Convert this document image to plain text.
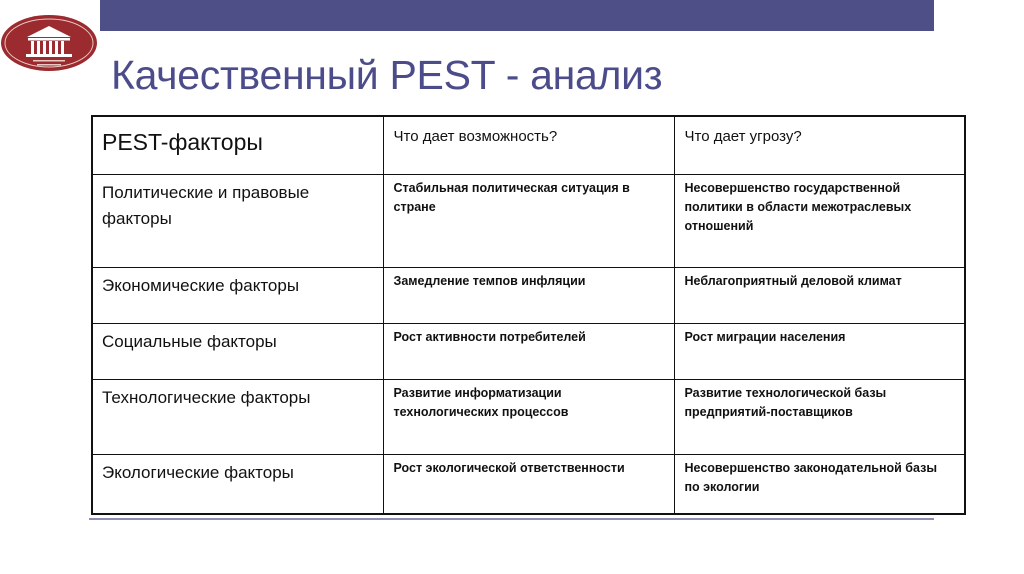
Качественный PEST - анализ
PEST-факторы	Что дает возможность?	Что дает угрозу?
Политические и правовые факторы	Стабильная политическая ситуация в стране	Несовершенство государственной политики в области межотраслевых отношений
Экономические факторы	Замедление темпов инфляции	Неблагоприятный деловой климат
Социальные факторы	Рост активности потребителей	Рост миграции населения
Технологические факторы	Развитие информатизации технологических процессов	Развитие технологической базы предприятий-поставщиков
Экологические факторы	Рост экологической ответственности	Несовершенство законодательной базы по экологии
